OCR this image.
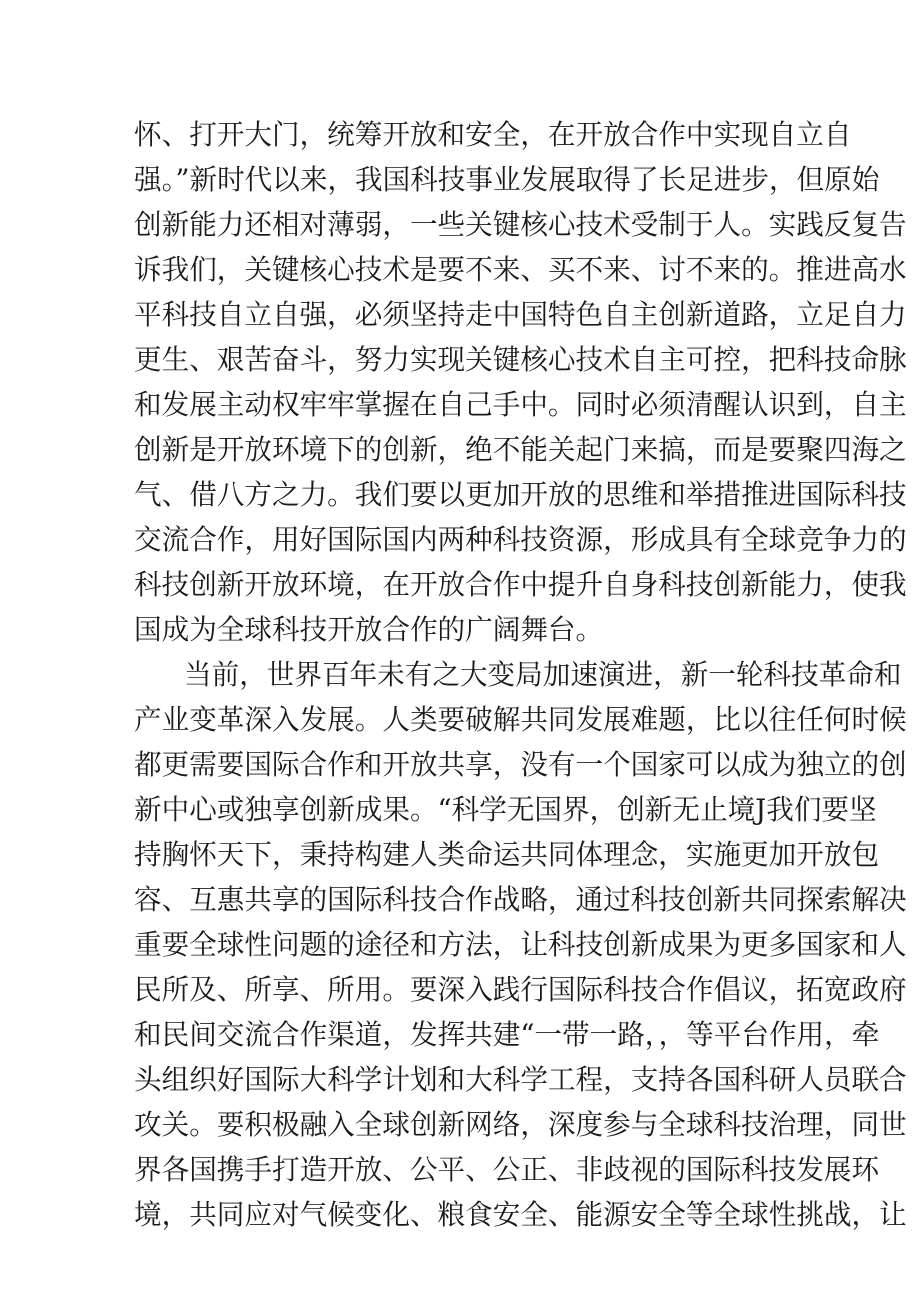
怀、打开大门，统筹开放和安全，在开放合作中实现自立自
强。”新时代以来，我国科技事业发展取得了长足进步，但原始
创新能力还相对薄弱，一些关键核心技术受制于人。实践反复告
诉我们，关键核心技术是要不来、买不来、讨不来的。推进高水
平科技自立自强，必须坚持走中国特色自主创新道路，立足自力
更生、艰苦奋斗，努力实现关键核心技术自主可控，把科技命脉
和发展主动权牢牢掌握在自己手中。同时必须清醒认识到，自主
创新是开放环境下的创新，绝不能关起门来搞，而是要聚四海之
气、借八方之力。我们要以更加开放的思维和举措推进国际科技
交流合作，用好国际国内两种科技资源，形成具有全球竞争力的
科技创新开放环境，在开放合作中提升自身科技创新能力，使我
国成为全球科技开放合作的广阔舞台。
当前，世界百年未有之大变局加速演进，新一轮科技革命和
产业变革深入发展。人类要破解共同发展难题，比以往任何时候
都更需要国际合作和开放共享，没有一个国家可以成为独立的创
新中心或独享创新成果。“科学无国界，创新无止境J我们要坚
持胸怀天下，秉持构建人类命运共同体理念，实施更加开放包
容、互惠共享的国际科技合作战略，通过科技创新共同探索解决
重要全球性问题的途径和方法，让科技创新成果为更多国家和人
民所及、所享、所用。要深入践行国际科技合作倡议，拓宽政府
和民间交流合作渠道，发挥共建“一带一路，，等平台作用，牵
头组织好国际大科学计划和大科学工程，支持各国科研人员联合
攻关。要积极融入全球创新网络，深度参与全球科技治理，同世
界各国携手打造开放、公平、公正、非歧视的国际科技发展环
境，共同应对气候变化、粮食安全、能源安全等全球性挑战，让
